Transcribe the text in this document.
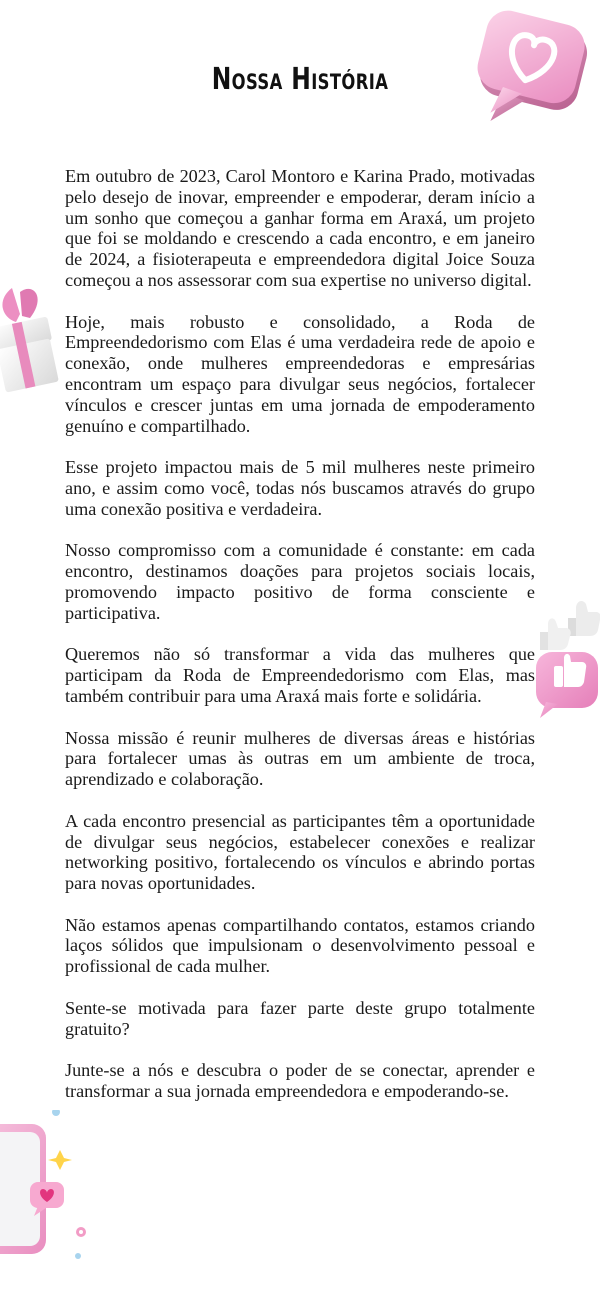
Nossa História

Em outubro de 2023, Carol Montoro e Karina Prado, motivadas pelo desejo de inovar, empreender e empoderar, deram início a um sonho que começou a ganhar forma em Araxá, um projeto que foi se moldando e crescendo a cada encontro, e em janeiro de 2024, a fisioterapeuta e empreendedora digital Joice Souza começou a nos assessorar com sua expertise no universo digital.

Hoje, mais robusto e consolidado, a Roda de Empreendedorismo com Elas é uma verdadeira rede de apoio e conexão, onde mulheres empreendedoras e empresárias encontram um espaço para divulgar seus negócios, fortalecer vínculos e crescer juntas em uma jornada de empoderamento genuíno e compartilhado.

Esse projeto impactou mais de 5 mil mulheres neste primeiro ano, e assim como você, todas nós buscamos através do grupo uma conexão positiva e verdadeira.

Nosso compromisso com a comunidade é constante: em cada encontro, destinamos doações para projetos sociais locais, promovendo impacto positivo de forma consciente e participativa.

Queremos não só transformar a vida das mulheres que participam da Roda de Empreendedorismo com Elas, mas também contribuir para uma Araxá mais forte e solidária.

Nossa missão é reunir mulheres de diversas áreas e histórias para fortalecer umas às outras em um ambiente de troca, aprendizado e colaboração.

A cada encontro presencial as participantes têm a oportunidade de divulgar seus negócios, estabelecer conexões e realizar networking positivo, fortalecendo os vínculos e abrindo portas para novas oportunidades.

Não estamos apenas compartilhando contatos, estamos criando laços sólidos que impulsionam o desenvolvimento pessoal e profissional de cada mulher.

Sente-se motivada para fazer parte deste grupo totalmente gratuito?

Junte-se a nós e descubra o poder de se conectar, aprender e transformar a sua jornada empreendedora e empoderando-se.
